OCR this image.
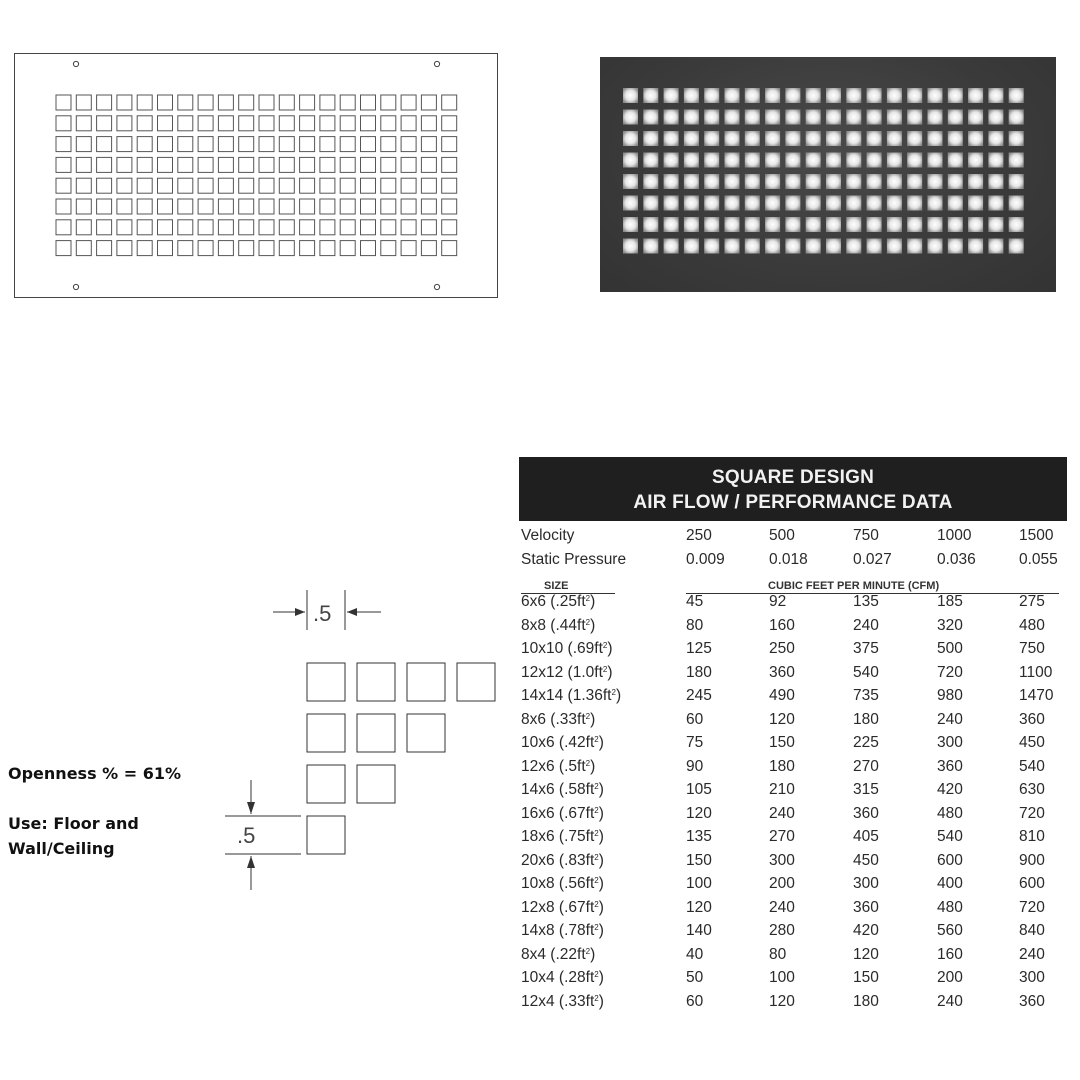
.5
.5
Openness % = 61%
Use: Floor and
Wall/Ceiling
SQUARE DESIGN
AIR FLOW / PERFORMANCE DATA
Velocity	250	500	750	1000	1500
Static Pressure	0.009	0.018	0.027	0.036	0.055
SIZE	CUBIC FEET PER MINUTE (CFM)
6x6 $(.25ft^2)$	45	92	135	185	275
8x8 $(.44ft^2)$	80	160	240	320	480
10x10 $(.69ft^2)$	125	250	375	500	750
12x12 $(1.0ft^2)$	180	360	540	720	1100
14x14 $(1.36ft^2)$	245	490	735	980	1470
8x6 $(.33ft^2)$	60	120	180	240	360
10x6 $(.42ft^2)$	75	150	225	300	450
12x6 $(.5ft^2)$	90	180	270	360	540
14x6 $(.58ft^2)$	105	210	315	420	630
16x6 $(.67ft^2)$	120	240	360	480	720
18x6 $(.75ft^2)$	135	270	405	540	810
20x6 $(.83ft^2)$	150	300	450	600	900
10x8 $(.56ft^2)$	100	200	300	400	600
12x8 $(.67ft^2)$	120	240	360	480	720
14x8 $(.78ft^2)$	140	280	420	560	840
8x4 $(.22ft^2)$	40	80	120	160	240
10x4 $(.28ft^2)$	50	100	150	200	300
12x4 $(.33ft^2)$	60	120	180	240	360
